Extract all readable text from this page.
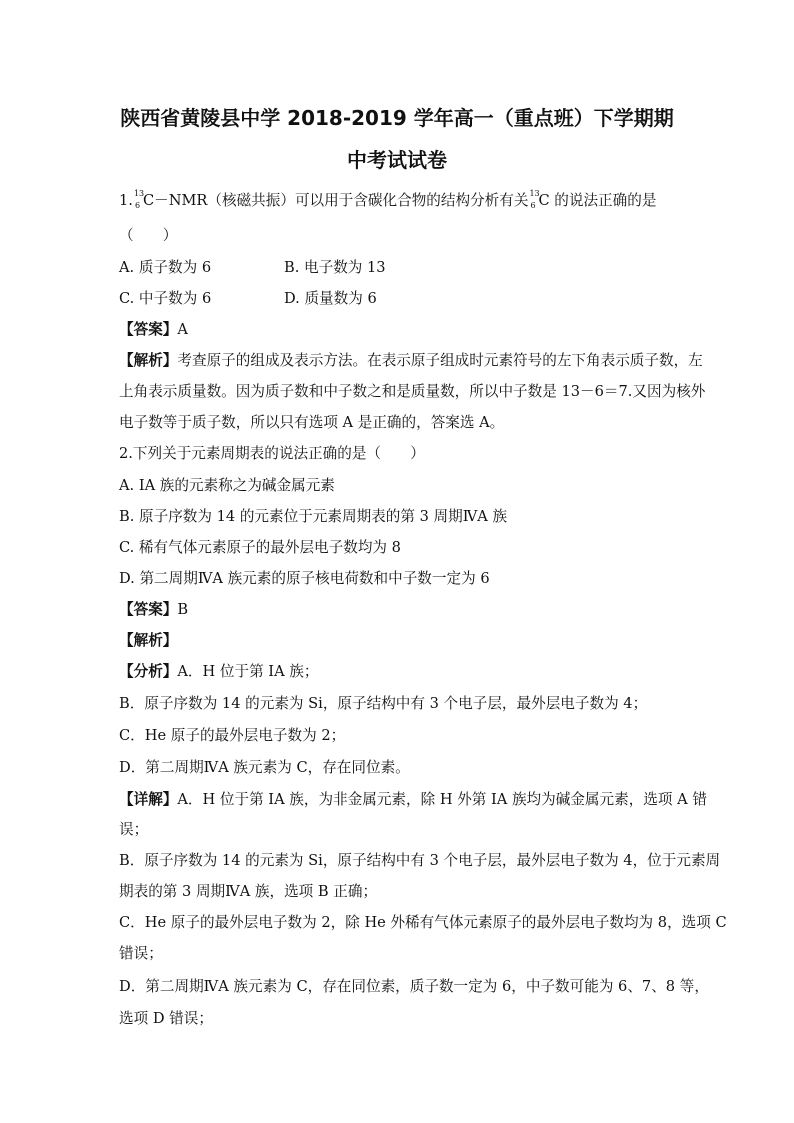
陕西省黄陵县中学 2018-2019 学年高一（重点班）下学期期
中考试试卷
1. 13
6 C－NMR（核磁共振）可以用于含碳化合物的结构分析有关 13
6 C 的说法正确的是
（　　）
A. 质子数为 6	B. 电子数为 13
C. 中子数为 6	D. 质量数为 6
【答案】A
【解析】考查原子的组成及表示方法。在表示原子组成时元素符号的左下角表示质子数，左
上角表示质量数。因为质子数和中子数之和是质量数，所以中子数是 13－6＝7.又因为核外
电子数等于质子数，所以只有选项 A 是正确的，答案选 A。
2.下列关于元素周期表的说法正确的是（　　）
A. ⅠA 族的元素称之为碱金属元素
B. 原子序数为 14 的元素位于元素周期表的第 3 周期ⅣA 族
C. 稀有气体元素原子的最外层电子数均为 8
D. 第二周期ⅣA 族元素的原子核电荷数和中子数一定为 6
【答案】B
【解析】
【分析】A．H 位于第 IA 族；
B．原子序数为 14 的元素为 Si，原子结构中有 3 个电子层，最外层电子数为 4；
C．He 原子的最外层电子数为 2；
D．第二周期ⅣA 族元素为 C，存在同位素。
【详解】A．H 位于第 IA 族，为非金属元素，除 H 外第 IA 族均为碱金属元素，选项 A 错
误；
B．原子序数为 14 的元素为 Si，原子结构中有 3 个电子层，最外层电子数为 4，位于元素周
期表的第 3 周期ⅣA 族，选项 B 正确；
C．He 原子的最外层电子数为 2，除 He 外稀有气体元素原子的最外层电子数均为 8，选项 C
错误；
D．第二周期ⅣA 族元素为 C，存在同位素，质子数一定为 6，中子数可能为 6、7、8 等，
选项 D 错误；
